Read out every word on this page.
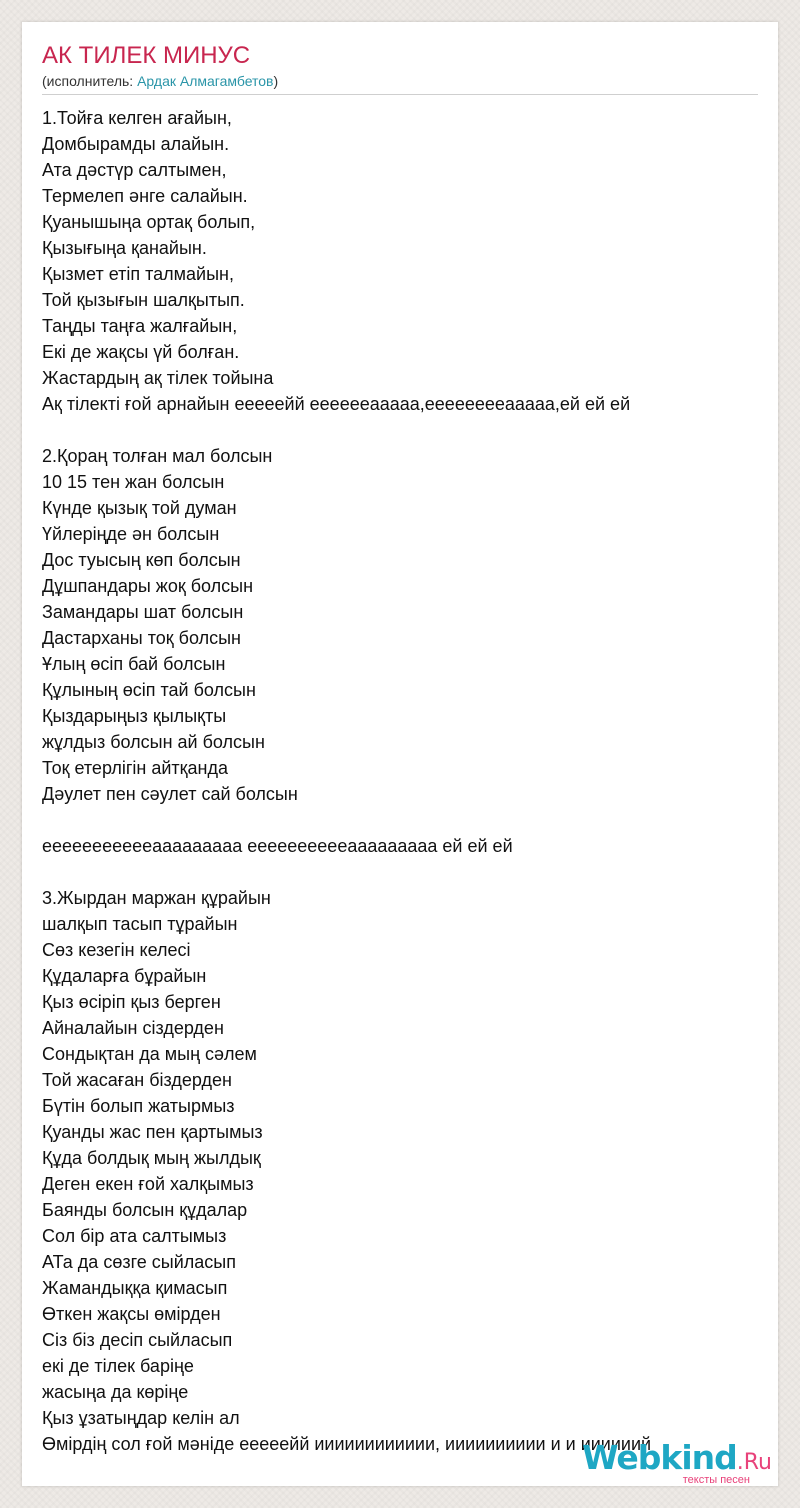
АК ТИЛЕК МИНУС
(исполнитель: Ардак Алмагамбетов)
1.Тойға келген ағайын,
Домбырамды алайын.
Ата дәстүр салтымен,
Термелеп әнге салайын.
Қуанышыңа ортақ болып,
Қызығыңа қанайын.
Қызмет етіп талмайын,
Той қызығын шалқытып.
Таңды таңға жалғайын,
Екі де жақсы үй болған.
Жастардың ақ тілек тойына
Ақ тілекті ғой арнайын ееееейй ееееееааааа,ееееееееааааа,ей ей ей
2.Қораң толған мал болсын
10 15 тен жан болсын
Күнде қызық той думан
Үйлеріңде ән болсын
Дос туысың көп болсын
Дұшпандары жоқ болсын
Замандары шат болсын
Дастарханы тоқ болсын
Ұлың өсіп бай болсын
Құлының өсіп тай болсын
Қыздарыңыз қылықты
жұлдыз болсын ай болсын
Тоқ етерлігін айтқанда
Дәулет пен сәулет сай болсын
еееееееееееааааааааа ееееееееееааааааааа ей ей ей
3.Жырдан маржан құрайын
шалқып тасып тұрайын
Сөз кезегін келесі
Құдаларға бұрайын
Қыз өсіріп қыз берген
Айналайын сіздерден
Сондықтан да мың сәлем
Той жасаған біздерден
Бүтін болып жатырмыз
Қуанды жас пен қартымыз
Құда болдық мың жылдық
Деген екен ғой халқымыз
Баянды болсын құдалар
Сол бір ата салтымыз
АТа да сөзге сыйласып
Жамандыққа қимасып
Өткен жақсы өмірден
Сіз біз десіп сыйласып
екі де тілек баріңе
жасыңа да көріңе
Қыз ұзатыңдар келін ал
Өмірдің сол ғой мәніде ееееейй ииииииииииии, ииииииииии и и иииииий
Webkind.Ru
тексты песен
